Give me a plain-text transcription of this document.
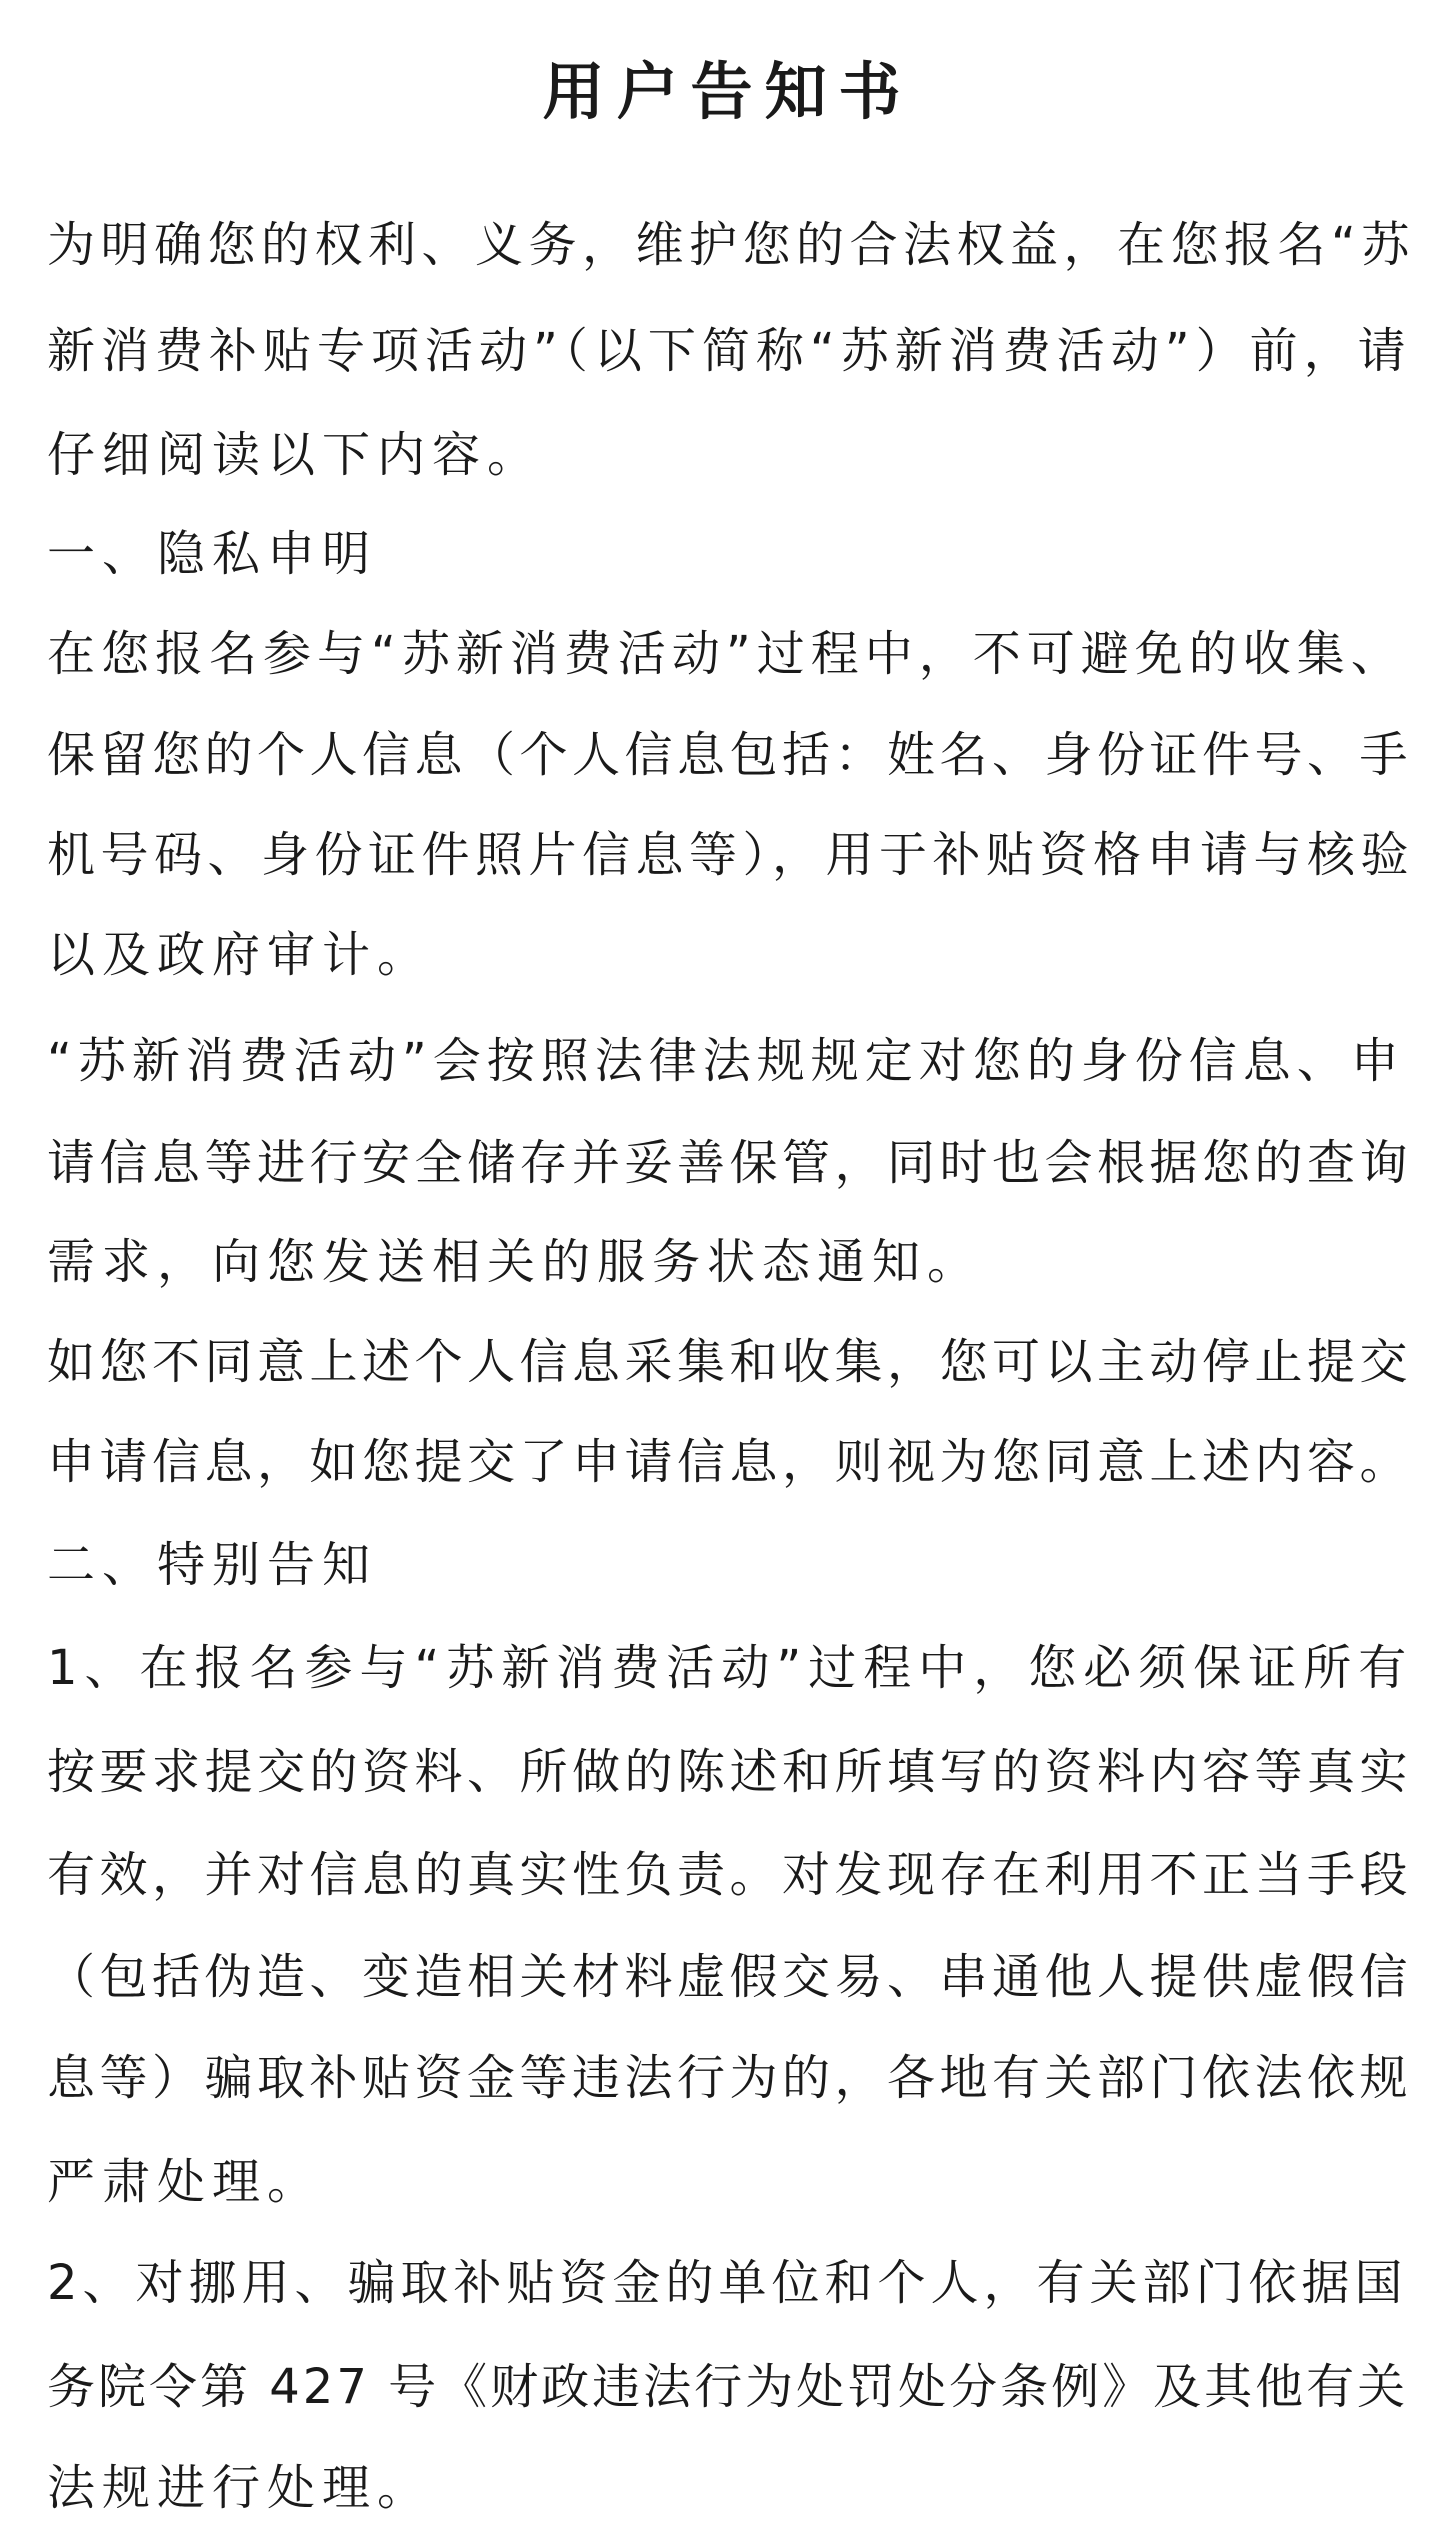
用户告知书

为明确您的权利、义务，维护您的合法权益，在您报名“苏

新消费补贴专项活动”（以下简称“苏新消费活动”）前，请

仔细阅读以下内容。

一、隐私申明

在您报名参与“苏新消费活动”过程中，不可避免的收集、

保留您的个人信息（个人信息包括：姓名、身份证件号、手

机号码、身份证件照片信息等），用于补贴资格申请与核验

以及政府审计。

“苏新消费活动”会按照法律法规规定对您的身份信息、申

请信息等进行安全储存并妥善保管，同时也会根据您的查询

需求，向您发送相关的服务状态通知。

如您不同意上述个人信息采集和收集，您可以主动停止提交

申请信息，如您提交了申请信息，则视为您同意上述内容。

二、特别告知

1、在报名参与“苏新消费活动”过程中，您必须保证所有

按要求提交的资料、所做的陈述和所填写的资料内容等真实

有效，并对信息的真实性负责。对发现存在利用不正当手段

（包括伪造、变造相关材料虚假交易、串通他人提供虚假信

息等）骗取补贴资金等违法行为的，各地有关部门依法依规

严肃处理。

2、对挪用、骗取补贴资金的单位和个人，有关部门依据国

务院令第 427 号《财政违法行为处罚处分条例》及其他有关

法规进行处理。
